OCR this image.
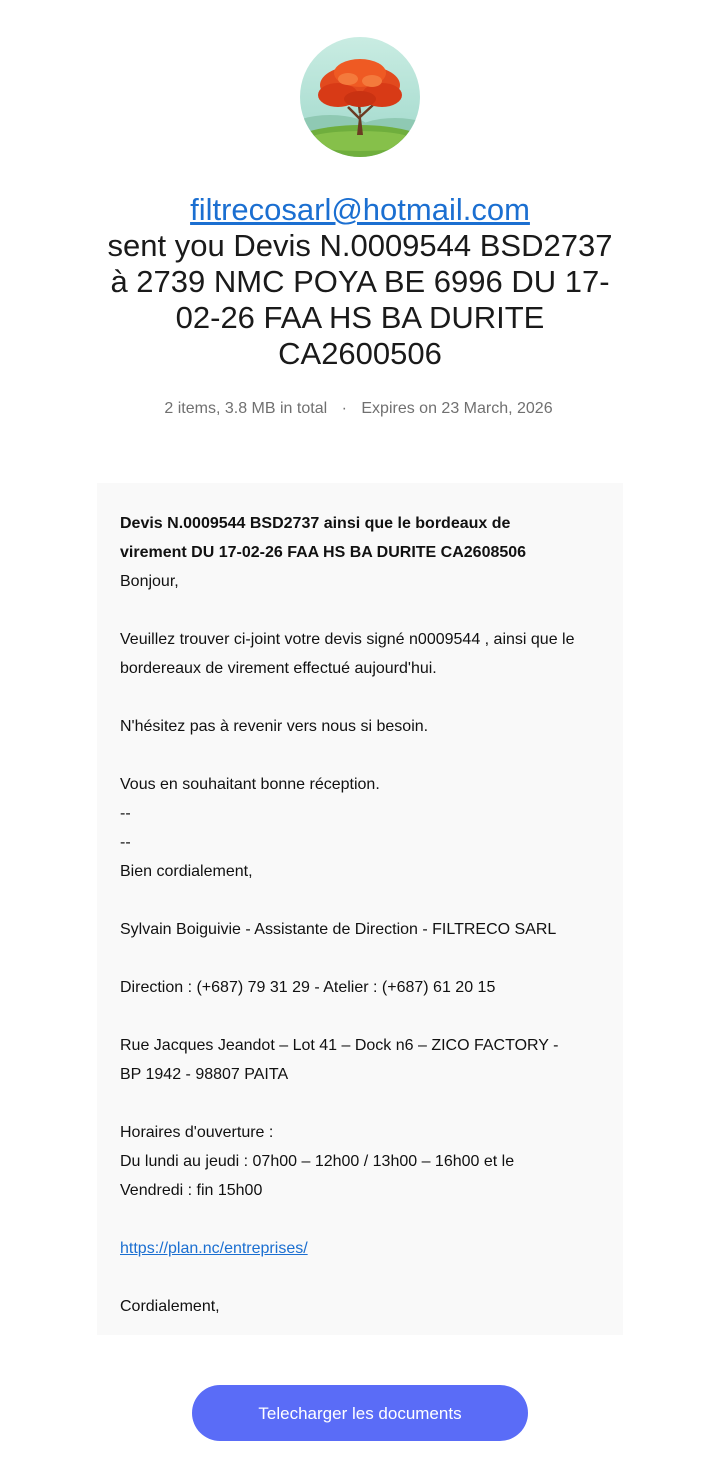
filtrecosarl@hotmail.com
sent you Devis N.0009544 BSD2737
à 2739 NMC POYA BE 6996 DU 17-
02-26 FAA HS BA DURITE
CA2600506
2 items, 3.8 MB in total · Expires on 23 March, 2026

Devis N.0009544 BSD2737 ainsi que le bordeaux de

virement DU 17-02-26 FAA HS BA DURITE CA2608506

Bonjour,

Veuillez trouver ci-joint votre devis signé n0009544 , ainsi que le

bordereaux de virement effectué aujourd'hui.

N'hésitez pas à revenir vers nous si besoin.

Vous en souhaitant bonne réception.

--

--

Bien cordialement,

Sylvain Boiguivie - Assistante de Direction - FILTRECO SARL

Direction : (+687) 79 31 29 - Atelier : (+687) 61 20 15

Rue Jacques Jeandot – Lot 41 – Dock n6 – ZICO FACTORY -

BP 1942 - 98807 PAITA

Horaires d'ouverture :

Du lundi au jeudi : 07h00 – 12h00 / 13h00 – 16h00 et le

Vendredi : fin 15h00

https://plan.nc/entreprises/

Cordialement,

Telecharger les documents
